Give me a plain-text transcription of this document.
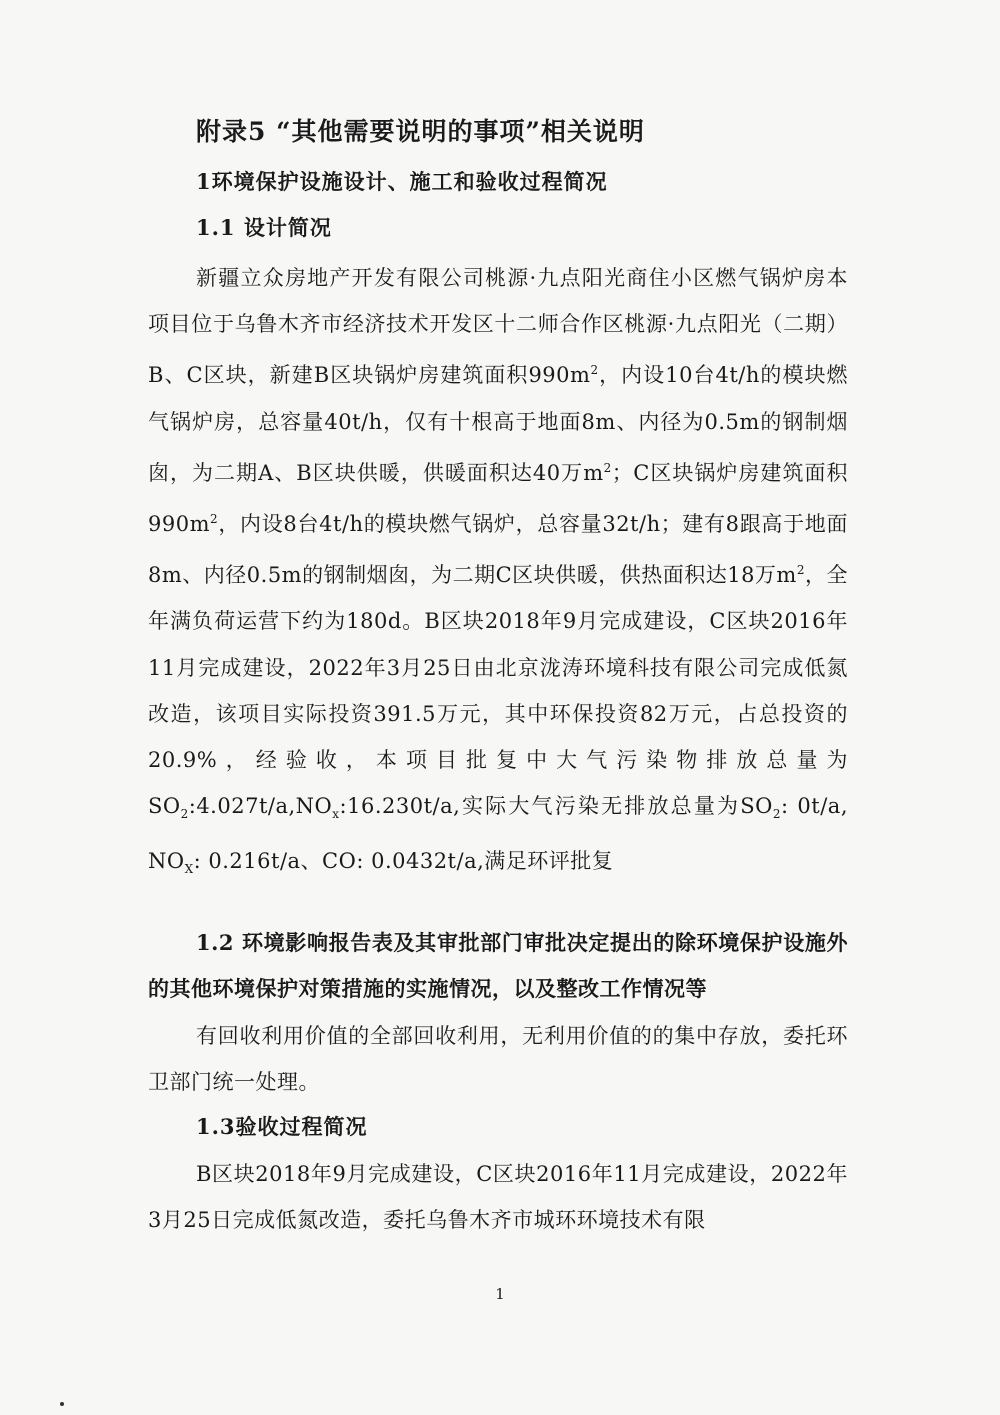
附录5 “其他需要说明的事项”相关说明
1环境保护设施设计、施工和验收过程简况
1.1 设计简况
新疆立众房地产开发有限公司桃源·九点阳光商住小区燃气锅炉房本项目位于乌鲁木齐市经济技术开发区十二师合作区桃源·九点阳光（二期）B、C区块，新建B区块锅炉房建筑面积$990m^2$，内设10台4t/h的模块燃气锅炉房，总容量40t/h，仅有十根高于地面8m、内径为0.5m的钢制烟囱，为二期A、B区块供暖，供暖面积达40万$m^2$；C区块锅炉房建筑面积$990m^2$，内设8台4t/h的模块燃气锅炉，总容量32t/h；建有8跟高于地面8m、内径0.5m的钢制烟囱，为二期C区块供暖，供热面积达18万$m^2$，全年满负荷运营下约为180d。B区块2018年9月完成建设，C区块2016年11月完成建设，2022年3月25日由北京泷涛环境科技有限公司完成低氮改造，该项目实际投资391.5万元，其中环保投资82万元，占总投资的20.9%，经验收，本项目批复中大气污染物排放总量为$SO_2:4.027t/a,NO_x:16.230t/a$,实际大气污染无排放总量为$SO_2$: 0t/a, $NO_X$: 0.216t/a、CO: 0.0432t/a,满足环评批复
1.2 环境影响报告表及其审批部门审批决定提出的除环境保护设施外的其他环境保护对策措施的实施情况，以及整改工作情况等
有回收利用价值的全部回收利用，无利用价值的的集中存放，委托环卫部门统一处理。
1.3验收过程简况
B区块2018年9月完成建设，C区块2016年11月完成建设，2022年3月25日完成低氮改造，委托乌鲁木齐市城环环境技术有限
1
